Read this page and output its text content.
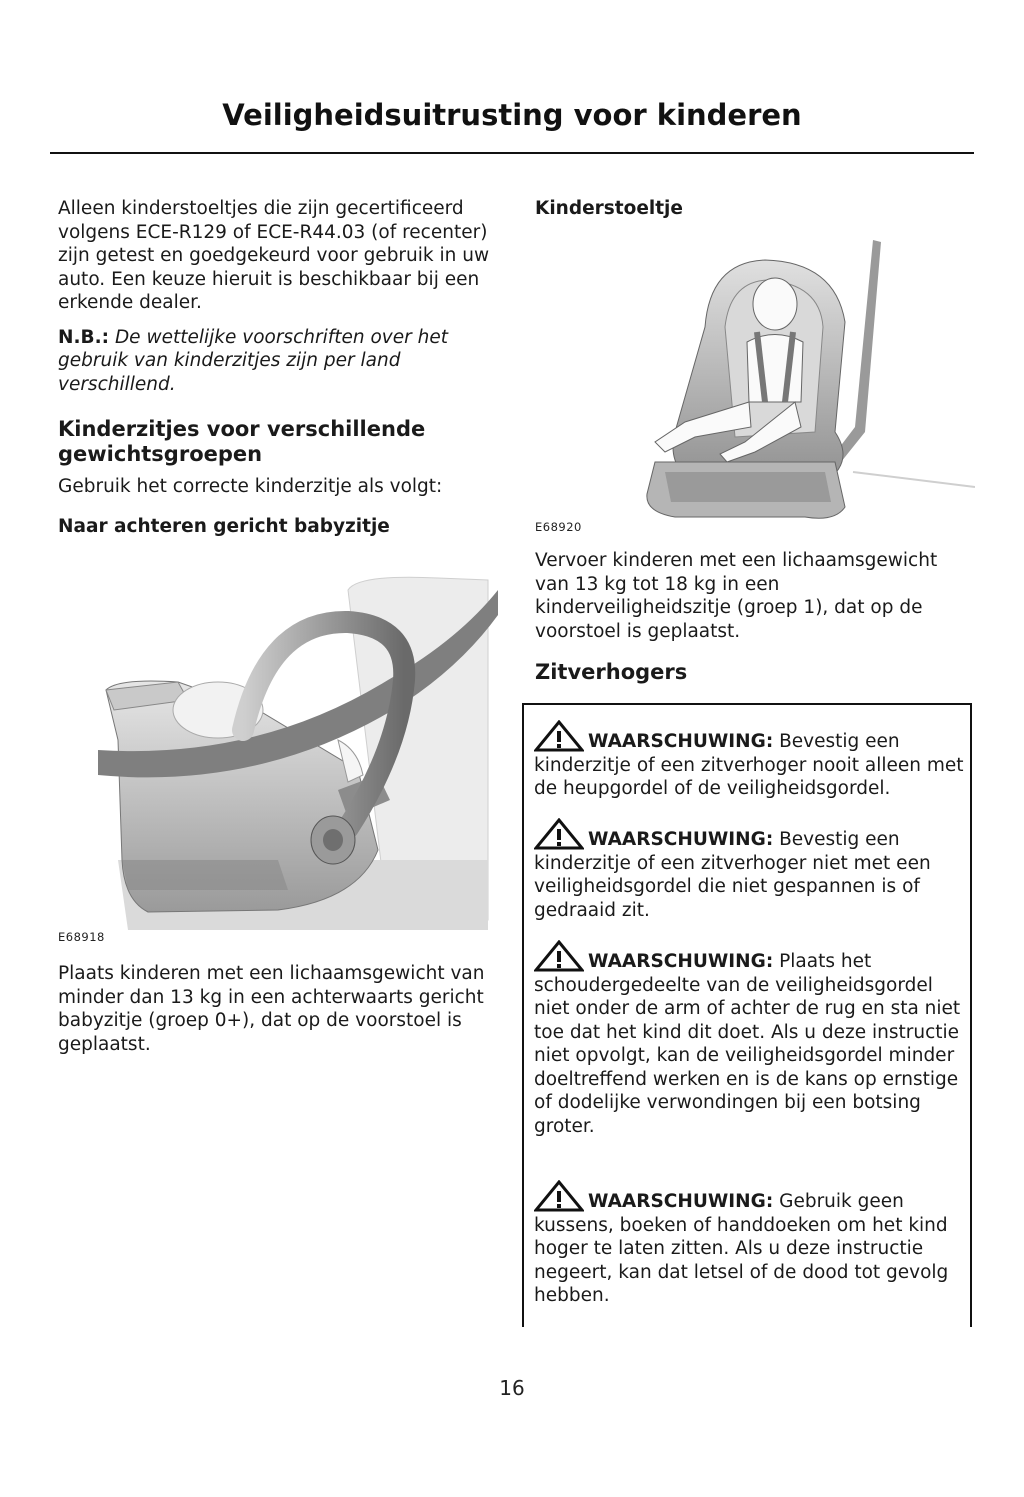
Veiligheidsuitrusting voor kinderen

Alleen kinderstoeltjes die zijn gecertificeerd volgens ECE-R129 of ECE-R44.03 (of recenter) zijn getest en goedgekeurd voor gebruik in uw auto. Een keuze hieruit is beschikbaar bij een erkende dealer.

N.B.: De wettelijke voorschriften over het gebruik van kinderzitjes zijn per land verschillend.

Kinderzitjes voor verschillende gewichtsgroepen

Gebruik het correcte kinderzitje als volgt:

Naar achteren gericht babyzitje
E68918

Plaats kinderen met een lichaamsgewicht van minder dan 13 kg in een achterwaarts gericht babyzitje (groep 0+), dat op de voorstoel is geplaatst.

Kinderstoeltje
E68920

Vervoer kinderen met een lichaamsgewicht van 13 kg tot 18 kg in een kinderveiligheidszitje (groep 1), dat op de voorstoel is geplaatst.

Zitverhogers
WAARSCHUWING: Bevestig een kinderzitje of een zitverhoger nooit alleen met de heupgordel of de veiligheidsgordel.
WAARSCHUWING: Bevestig een kinderzitje of een zitverhoger niet met een veiligheidsgordel die niet gespannen is of gedraaid zit.
WAARSCHUWING: Plaats het schoudergedeelte van de veiligheidsgordel niet onder de arm of achter de rug en sta niet toe dat het kind dit doet. Als u deze instructie niet opvolgt, kan de veiligheidsgordel minder doeltreffend werken en is de kans op ernstige of dodelijke verwondingen bij een botsing groter.
WAARSCHUWING: Gebruik geen kussens, boeken of handdoeken om het kind hoger te laten zitten. Als u deze instructie negeert, kan dat letsel of de dood tot gevolg hebben.
16
